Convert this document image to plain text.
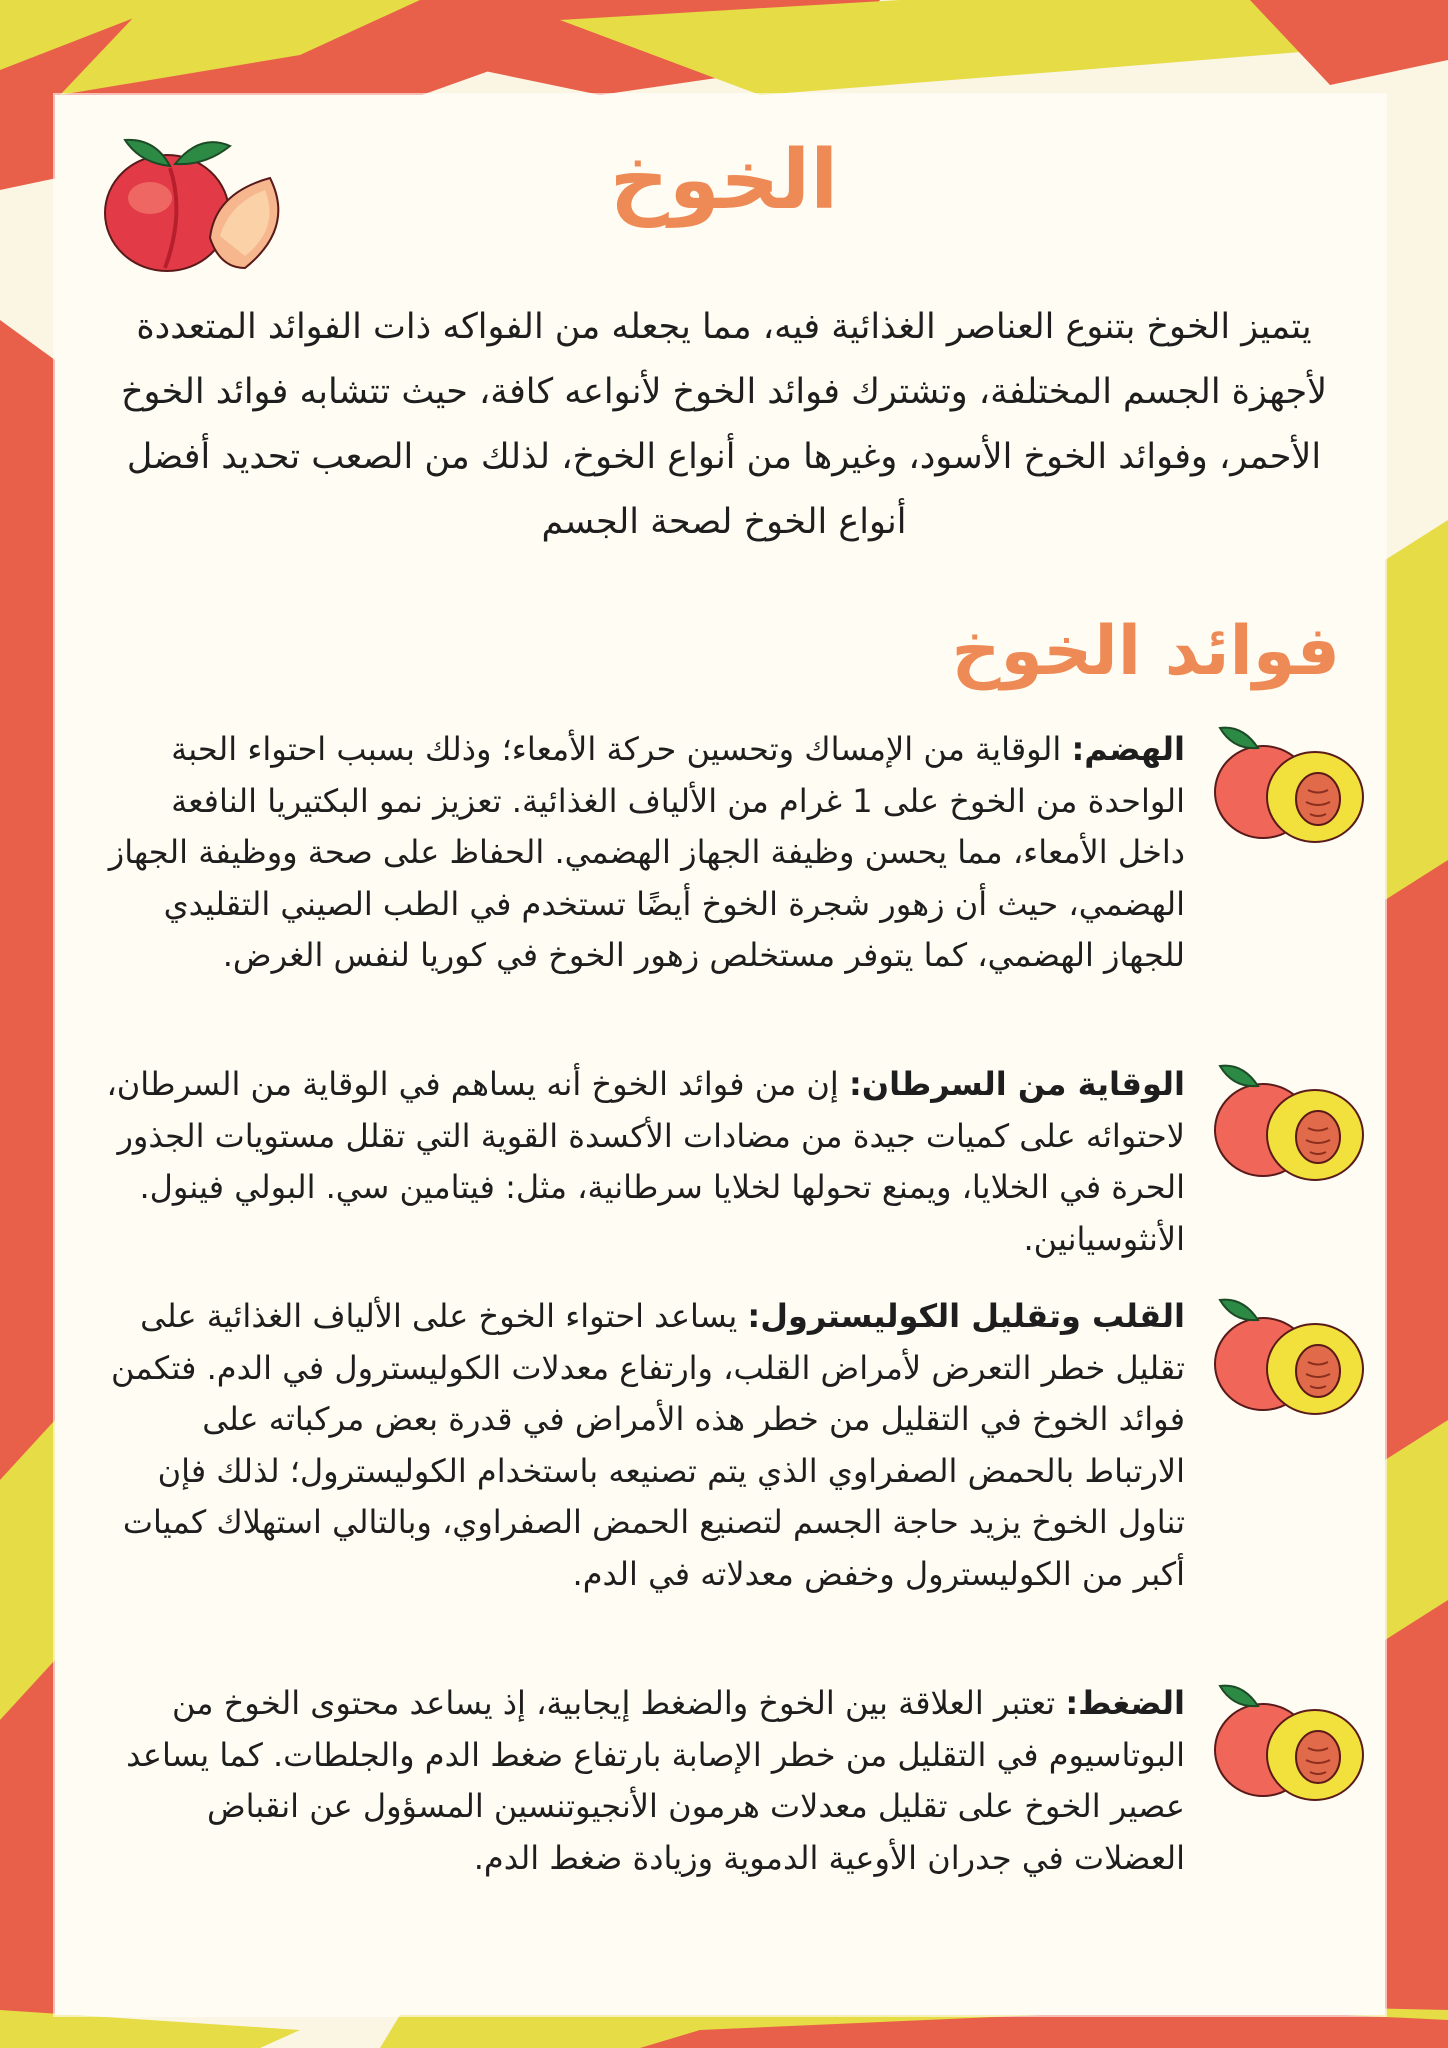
الخوخ
يتميز الخوخ بتنوع العناصر الغذائية فيه، مما يجعله من الفواكه ذات الفوائد المتعددة لأجهزة الجسم المختلفة، وتشترك فوائد الخوخ لأنواعه كافة، حيث تتشابه فوائد الخوخ الأحمر، وفوائد الخوخ الأسود، وغيرها من أنواع الخوخ، لذلك من الصعب تحديد أفضل أنواع الخوخ لصحة الجسم
فوائد الخوخ
الهضم: الوقاية من الإمساك وتحسين حركة الأمعاء؛ وذلك بسبب احتواء الحبة الواحدة من الخوخ على 1 غرام من الألياف الغذائية. تعزيز نمو البكتيريا النافعة داخل الأمعاء، مما يحسن وظيفة الجهاز الهضمي. الحفاظ على صحة ووظيفة الجهاز الهضمي، حيث أن زهور شجرة الخوخ أيضًا تستخدم في الطب الصيني التقليدي للجهاز الهضمي، كما يتوفر مستخلص زهور الخوخ في كوريا لنفس الغرض.
الوقاية من السرطان: إن من فوائد الخوخ أنه يساهم في الوقاية من السرطان، لاحتوائه على كميات جيدة من مضادات الأكسدة القوية التي تقلل مستويات الجذور الحرة في الخلايا، ويمنع تحولها لخلايا سرطانية، مثل: فيتامين سي. البولي فينول. الأنثوسيانين.
القلب وتقليل الكوليسترول: يساعد احتواء الخوخ على الألياف الغذائية على تقليل خطر التعرض لأمراض القلب، وارتفاع معدلات الكوليسترول في الدم. فتكمن فوائد الخوخ في التقليل من خطر هذه الأمراض في قدرة بعض مركباته على الارتباط بالحمض الصفراوي الذي يتم تصنيعه باستخدام الكوليسترول؛ لذلك فإن تناول الخوخ يزيد حاجة الجسم لتصنيع الحمض الصفراوي، وبالتالي استهلاك كميات أكبر من الكوليسترول وخفض معدلاته في الدم.
الضغط: تعتبر العلاقة بين الخوخ والضغط إيجابية، إذ يساعد محتوى الخوخ من البوتاسيوم في التقليل من خطر الإصابة بارتفاع ضغط الدم والجلطات. كما يساعد عصير الخوخ على تقليل معدلات هرمون الأنجيوتنسين المسؤول عن انقباض العضلات في جدران الأوعية الدموية وزيادة ضغط الدم.
